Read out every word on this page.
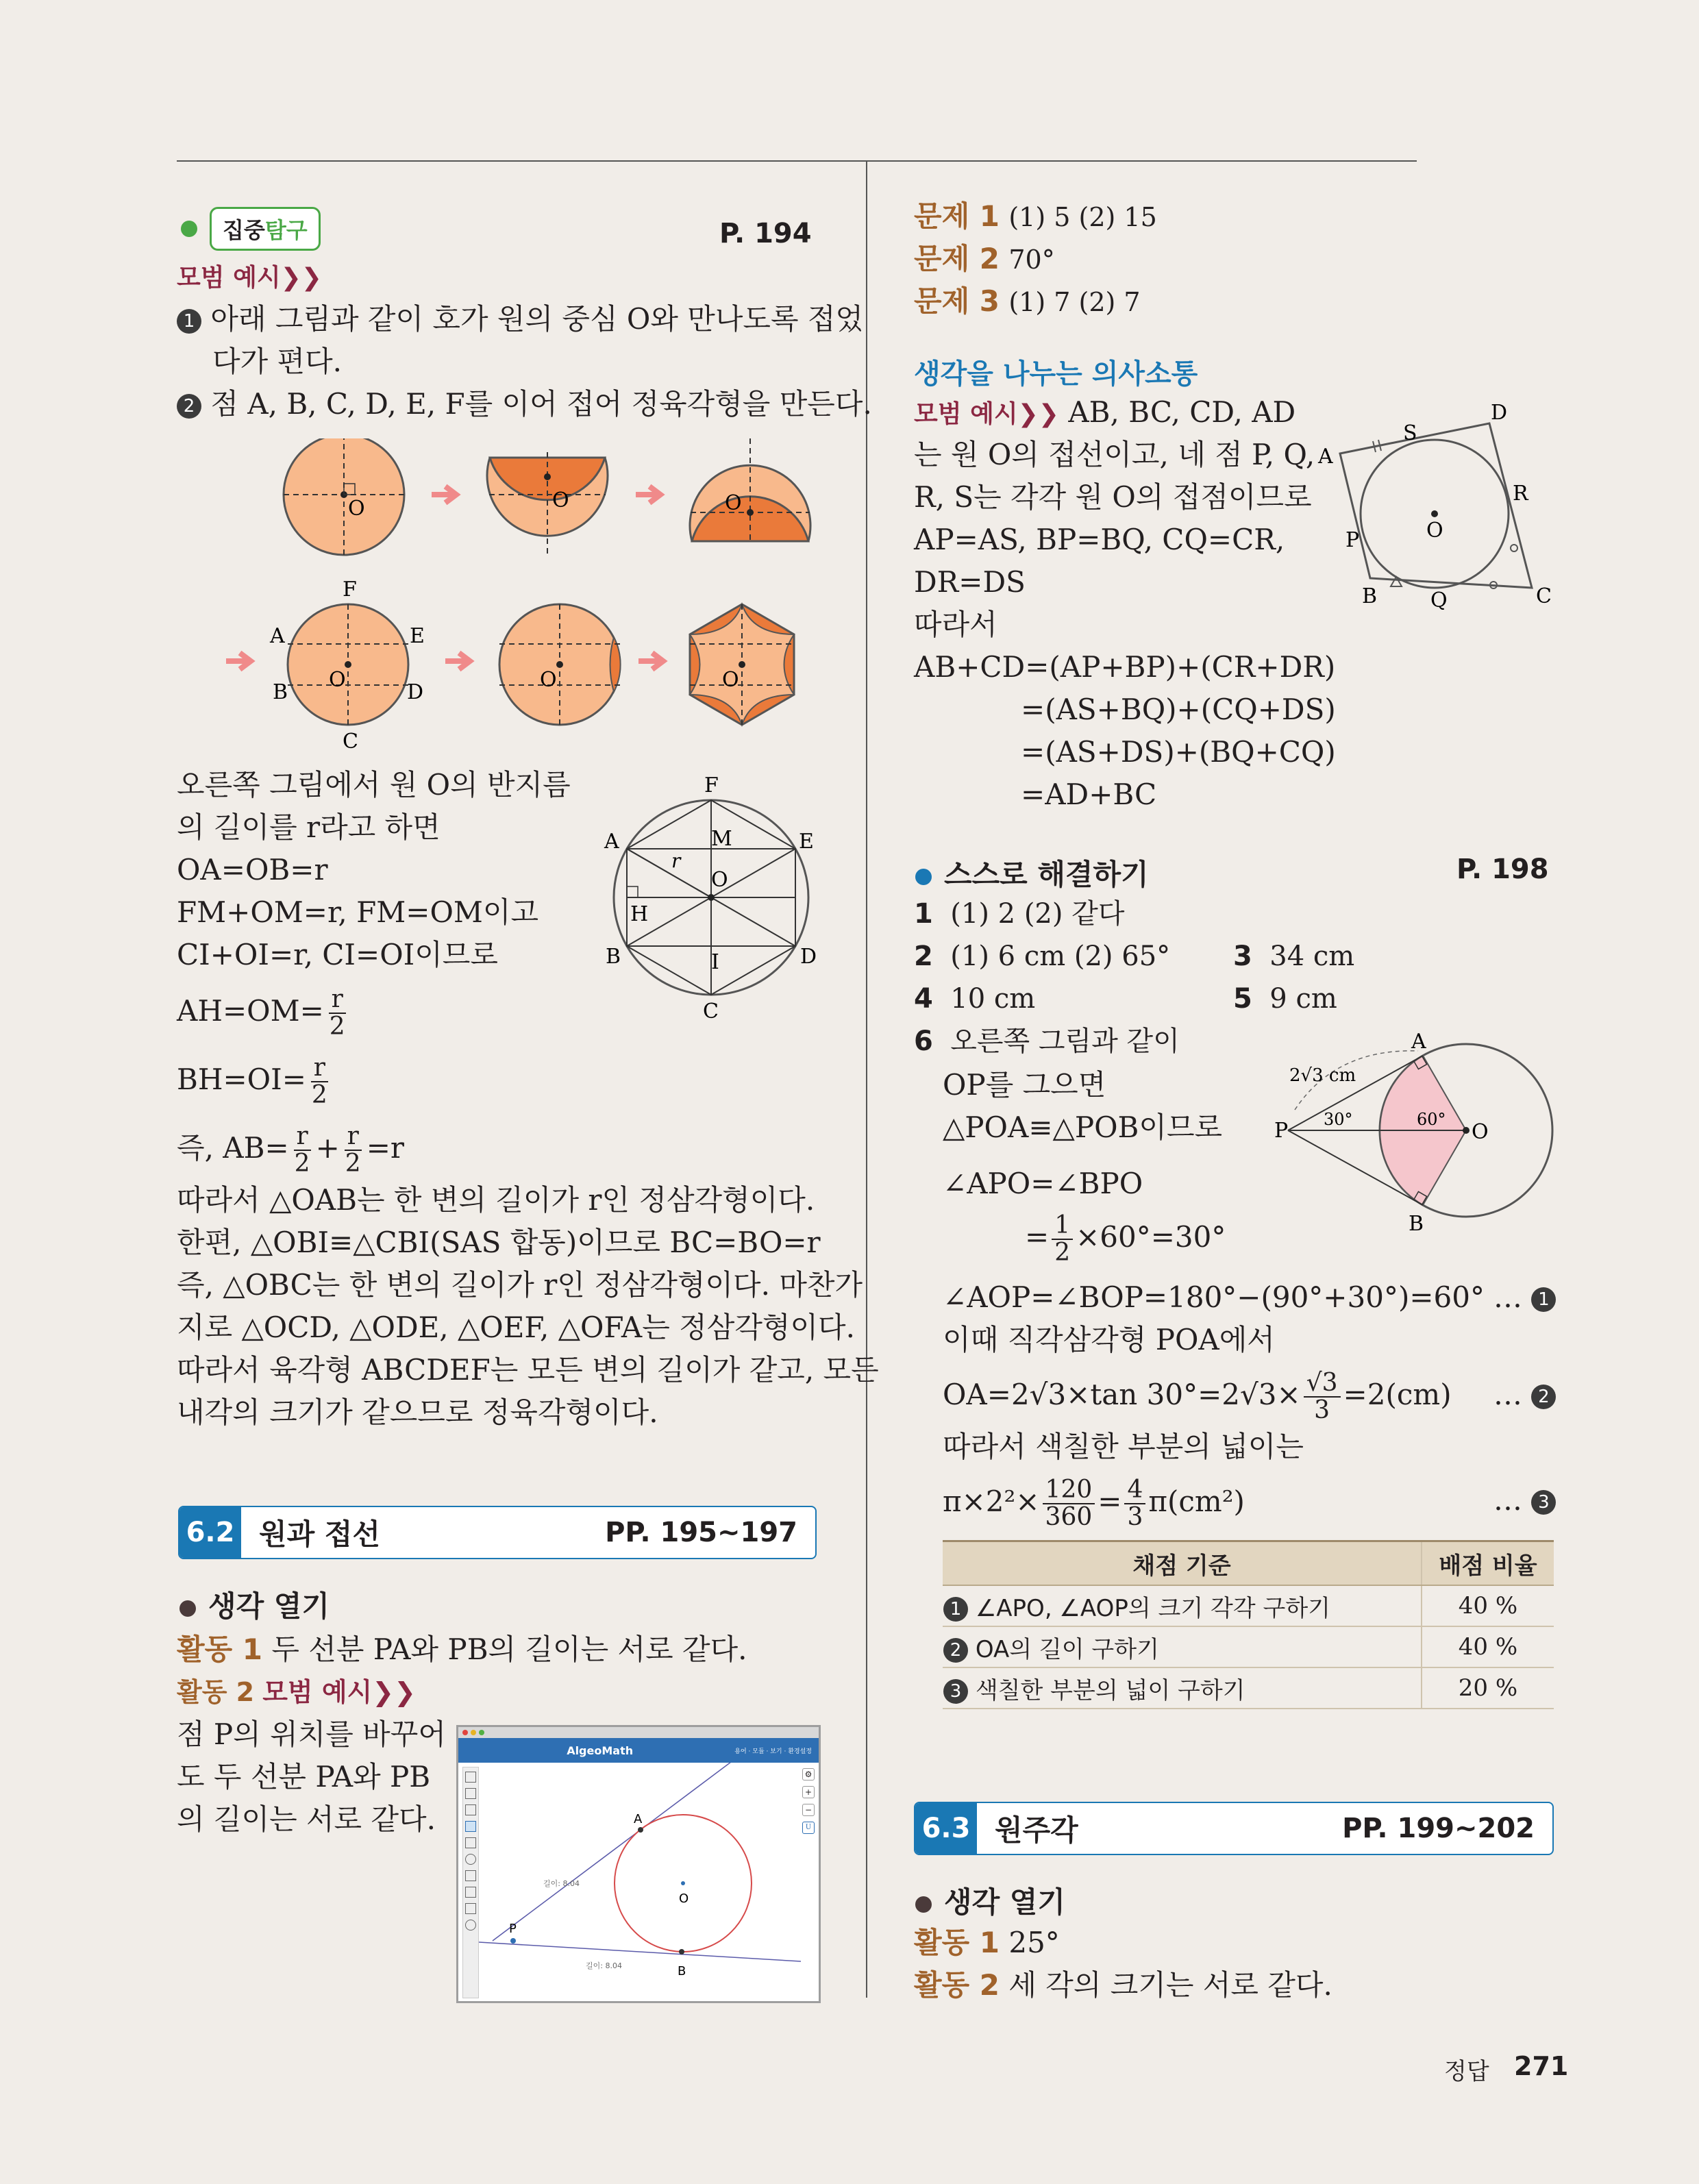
집중탐구	P. 194
모범 예시❯❯
1 아래 그림과 같이 호가 원의 중심 O와 만나도록 접었
다가 편다.
2 점 A, B, C, D, E, F를 이어 접어 정육각형을 만든다.
O	O	O
F
A	E
B	D
C
O	O	O
오른쪽 그림에서 원 O의 반지름
의 길이를 r라고 하면
OA=OB=r
FM+OM=r, FM=OM이고
CI+OI=r, CI=OI이므로
$AH=OM= \frac{r}{2}$
$BH=OI= \frac{r}{2}$
즉, $AB= \frac{r}{2} + \frac{r}{2} =r$
F
A	E
M
r
O
H
B	D
I
C
따라서 △OAB는 한 변의 길이가 r인 정삼각형이다.
한편, △OBI≡△CBI(SAS 합동)이므로 BC=BO=r
즉, △OBC는 한 변의 길이가 r인 정삼각형이다. 마찬가
지로 △OCD, △ODE, △OEF, △OFA는 정삼각형이다.
따라서 육각형 ABCDEF는 모든 변의 길이가 같고, 모든
내각의 크기가 같으므로 정육각형이다.
6.2 원과 접선	PP. 195~197
생각 열기
활동 1 두 선분 PA와 PB의 길이는 서로 같다.
활동 2 모범 예시❯❯
점 P의 위치를 바꾸어
도 두 선분 PA와 PB
의 길이는 서로 같다.
AlgeoMath	용어 · 모듈 · 보기 · 환경설정
⚙
+
−
U
A
B
O
P
길이: 8.04
길이: 8.04
문제 1 (1) 5 (2) 15
문제 2 70°
문제 3 (1) 7 (2) 7
생각을 나누는 의사소통
모범 예시❯❯ AB, BC, CD, AD
는 원 O의 접선이고, 네 점 P, Q,
R, S는 각각 원 O의 접점이므로
AP=AS, BP=BQ, CQ=CR,
DR=DS
따라서
AB+CD=(AP+BP)+(CR+DR)
=(AS+BQ)+(CQ+DS)
=(AS+DS)+(BQ+CQ)
=AD+BC
A
D
C
B
S
R
Q
P	O
스스로 해결하기	P. 198
1 (1) 2 (2) 같다
2 (1) 6 cm (2) 65° 3 34 cm
4 10 cm	5 9 cm
6 오른쪽 그림과 같이
OP를 그으면
△POA≡△POB이므로
∠APO=∠BPO
= $\frac{1}{2} \times 60^\circ=30^\circ$
A
B
O
P
2√3 cm
30°	60°
∠AOP=∠BOP=180°−(90°+30°)=60° … 1
이때 직각삼각형 POA에서
OA=2√3×tan $30^\circ=2√3\times \frac{√3}{3} =2(cm)$ … 2
따라서 색칠한 부분의 넓이는
$\pi\times 2^2\times \frac{120}{360} = \frac{4}{3} \pi(cm^2)$	… 3
채점 기준	배점 비율
1 ∠APO, ∠AOP의 크기 각각 구하기	40 %
2 OA의 길이 구하기	40 %
3 색칠한 부분의 넓이 구하기	20 %
6.3 원주각	PP. 199~202
생각 열기
활동 1 25°
활동 2 세 각의 크기는 서로 같다.
정답 271
